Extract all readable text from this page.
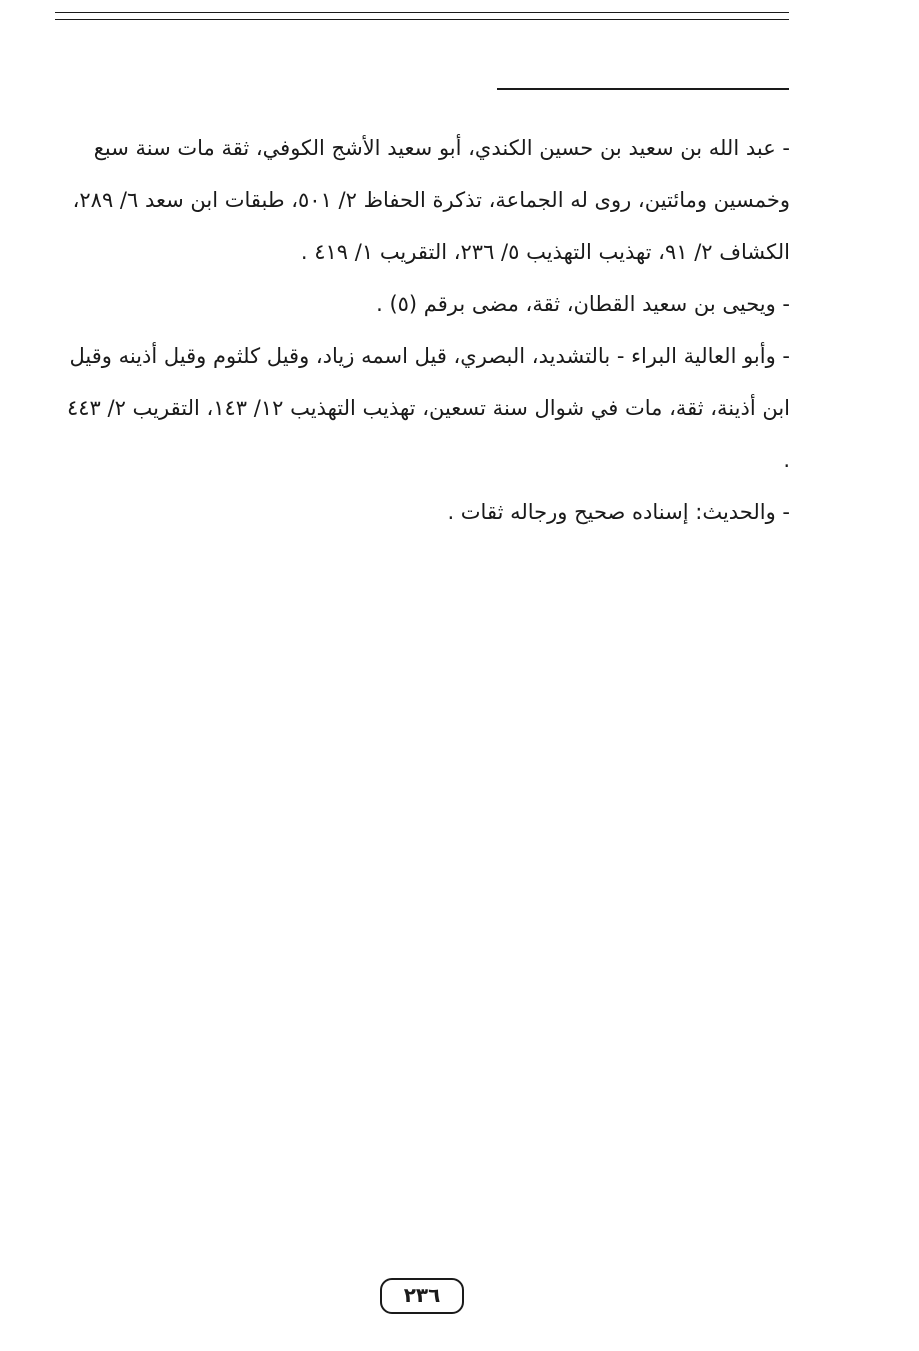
- عبد الله بن سعيد بن حسين الكندي، أبو سعيد الأشج الكوفي، ثقة مات سنة سبع وخمسين ومائتين، روى له الجماعة، تذكرة الحفاظ ٢/ ٥٠١، طبقات ابن سعد ٦/ ٢٨٩، الكشاف ٢/ ٩١، تهذيب التهذيب ٥/ ٢٣٦، التقريب ١/ ٤١٩ .

- ويحيى بن سعيد القطان، ثقة، مضى برقم (٥) .

- وأبو العالية البراء - بالتشديد، البصري، قيل اسمه زياد، وقيل كلثوم وقيل أذينه وقيل ابن أذينة، ثقة، مات في شوال سنة تسعين، تهذيب التهذيب ١٢/ ١٤٣، التقريب ٢/ ٤٤٣ .

- والحديث: إسناده صحيح ورجاله ثقات .

٢٣٦
